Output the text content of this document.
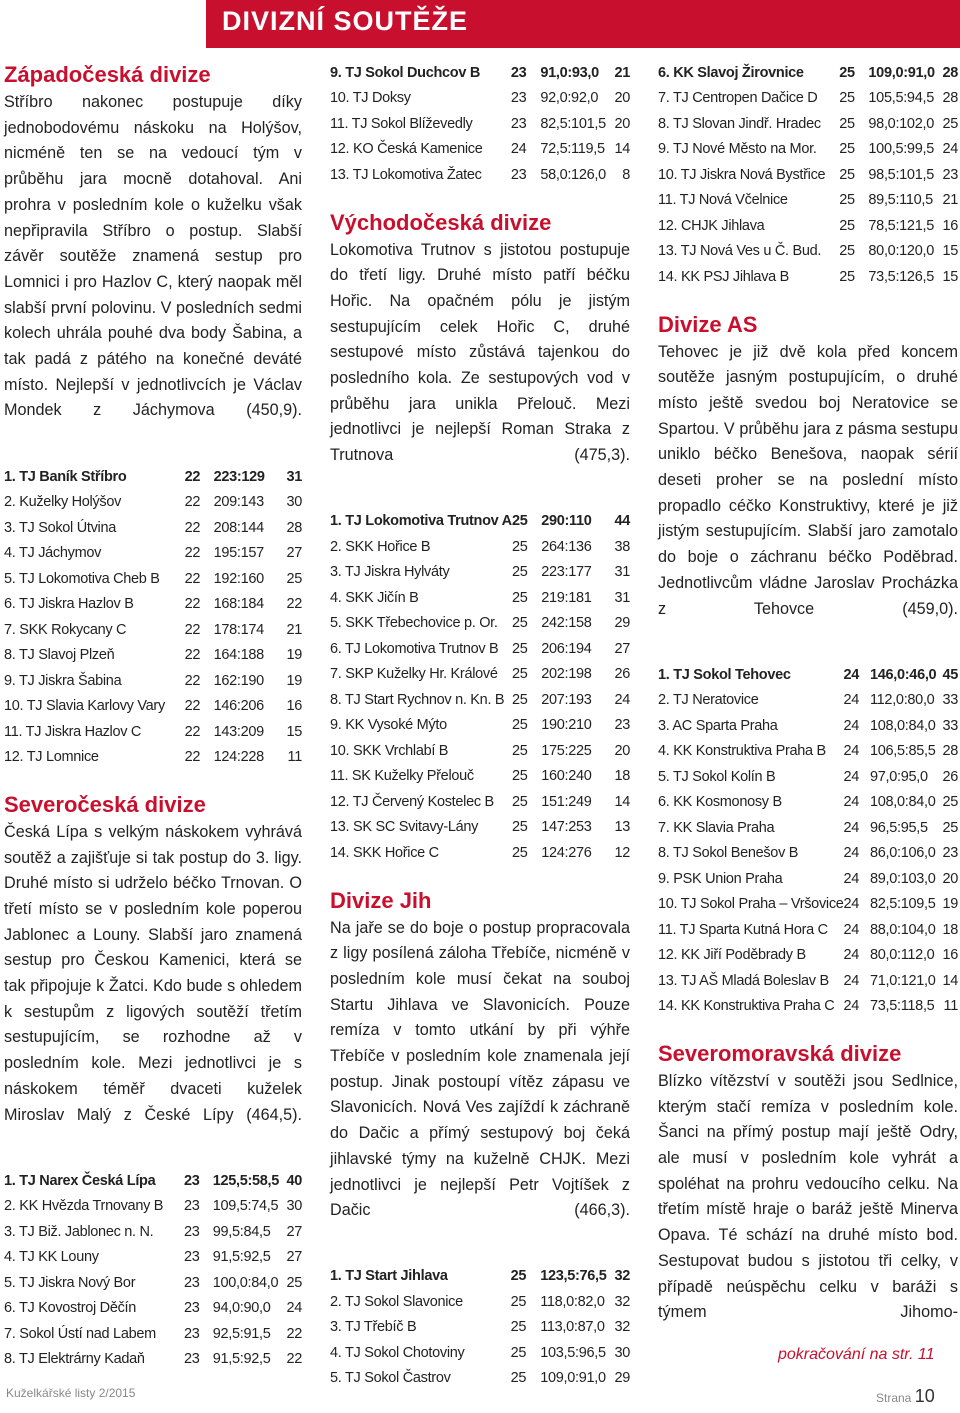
DIVIZNÍ SOUTĚŽE
Západočeská divize

Stříbro nakonec postupuje díky jednobodovému náskoku na Holýšov, nicméně ten se na vedoucí tým v průběhu jara mocně dotahoval. Ani prohra v posledním kole o kuželku však nepřipravila Stříbro o postup. Slabší závěr soutěže znamená sestup pro Lomnici i pro Hazlov C, který naopak měl slabší první polovinu. V posledních sedmi kolech uhrála pouhé dva body Šabina, a tak padá z pátého na konečné deváté místo. Nejlepší v jednotlivcích je Václav Mondek z Jáchymova (450,9).

1. TJ Baník Stříbro	22	223:129	31
2. Kuželky Holýšov	22	209:143	30
3. TJ Sokol Útvina	22	208:144	28
4. TJ Jáchymov	22	195:157	27
5. TJ Lokomotiva Cheb B	22	192:160	25
6. TJ Jiskra Hazlov B	22	168:184	22
7. SKK Rokycany C	22	178:174	21
8. TJ Slavoj Plzeň	22	164:188	19
9. TJ Jiskra Šabina	22	162:190	19
10. TJ Slavia Karlovy Vary	22	146:206	16
11. TJ Jiskra Hazlov C	22	143:209	15
12. TJ Lomnice	22	124:228	11
Severočeská divize

Česká Lípa s velkým náskokem vyhrává soutěž a zajišťuje si tak postup do 3. ligy. Druhé místo si udrželo béčko Trnovan. O třetí místo se v posledním kole poperou Jablonec a Louny. Slabší jaro znamená sestup pro Českou Kamenici, která se tak připojuje k Žatci. Kdo bude s ohledem k sestupům z ligových soutěží třetím sestupujícím, se rozhodne až v posledním kole. Mezi jednotlivci je s náskokem téměř dvaceti kuželek Miroslav Malý z České Lípy (464,5).

1. TJ Narex Česká Lípa	23	125,5:58,5	40
2. KK Hvězda Trnovany B	23	109,5:74,5	30
3. TJ Biž. Jablonec n. N.	23	99,5:84,5	27
4. TJ KK Louny	23	91,5:92,5	27
5. TJ Jiskra Nový Bor	23	100,0:84,0	25
6. TJ Kovostroj Děčín	23	94,0:90,0	24
7. Sokol Ústí nad Labem	23	92,5:91,5	22
8. TJ Elektrárny Kadaň	23	91,5:92,5	22
9. TJ Sokol Duchcov B	23	91,0:93,0	21
10. TJ Doksy	23	92,0:92,0	20
11. TJ Sokol Blíževedly	23	82,5:101,5	20
12. KO Česká Kamenice	24	72,5:119,5	14
13. TJ Lokomotiva Žatec	23	58,0:126,0	8
Východočeská divize

Lokomotiva Trutnov s jistotou postupuje do třetí ligy. Druhé místo patří béčku Hořic. Na opačném pólu je jistým sestupujícím celek Hořic C, druhé sestupové místo zůstává tajenkou do posledního kola. Ze sestupových vod v průběhu jara unikla Přelouč. Mezi jednotlivci je nejlepší Roman Straka z Trutnova (475,3).

1. TJ Lokomotiva Trutnov A	25	290:110	44
2. SKK Hořice B	25	264:136	38
3. TJ Jiskra Hylváty	25	223:177	31
4. SKK Jičín B	25	219:181	31
5. SKK Třebechovice p. Or.	25	242:158	29
6. TJ Lokomotiva Trutnov B	25	206:194	27
7. SKP Kuželky Hr. Králové	25	202:198	26
8. TJ Start Rychnov n. Kn. B	25	207:193	24
9. KK Vysoké Mýto	25	190:210	23
10. SKK Vrchlabí B	25	175:225	20
11. SK Kuželky Přelouč	25	160:240	18
12. TJ Červený Kostelec B	25	151:249	14
13. SK SC Svitavy-Lány	25	147:253	13
14. SKK Hořice C	25	124:276	12
Divize Jih

Na jaře se do boje o postup propracovala z ligy posílená záloha Třebíče, nicméně v posledním kole musí čekat na souboj Startu Jihlava ve Slavonicích. Pouze remíza v tomto utkání by při výhře Třebíče v posledním kole znamenala její postup. Jinak postoupí vítěz zápasu ve Slavonicích. Nová Ves zajíždí k záchraně do Dačic a přímý sestupový boj čeká jihlavské týmy na kuželně CHJK. Mezi jednotlivci je nejlepší Petr Vojtíšek z Dačic (466,3).

1. TJ Start Jihlava	25	123,5:76,5	32
2. TJ Sokol Slavonice	25	118,0:82,0	32
3. TJ Třebíč B	25	113,0:87,0	32
4. TJ Sokol Chotoviny	25	103,5:96,5	30
5. TJ Sokol Častrov	25	109,0:91,0	29
6. KK Slavoj Žirovnice	25	109,0:91,0	28
7. TJ Centropen Dačice D	25	105,5:94,5	28
8. TJ Slovan Jindř. Hradec	25	98,0:102,0	25
9. TJ Nové Město na Mor.	25	100,5:99,5	24
10. TJ Jiskra Nová Bystřice	25	98,5:101,5	23
11. TJ Nová Včelnice	25	89,5:110,5	21
12. CHJK Jihlava	25	78,5:121,5	16
13. TJ Nová Ves u Č. Bud.	25	80,0:120,0	15
14. KK PSJ Jihlava B	25	73,5:126,5	15
Divize AS

Tehovec je již dvě kola před koncem soutěže jasným postupujícím, o druhé místo ještě svedou boj Neratovice se Spartou. V průběhu jara z pásma sestupu uniklo béčko Benešova, naopak sérií deseti proher se na poslední místo propadlo céčko Konstruktivy, které je již jistým sestupujícím. Slabší jaro zamotalo do boje o záchranu béčko Poděbrad. Jednotlivcům vládne Jaroslav Procházka z Tehovce (459,0).

1. TJ Sokol Tehovec	24	146,0:46,0	45
2. TJ Neratovice	24	112,0:80,0	33
3. AC Sparta Praha	24	108,0:84,0	33
4. KK Konstruktiva Praha B	24	106,5:85,5	28
5. TJ Sokol Kolín B	24	97,0:95,0	26
6. KK Kosmonosy B	24	108,0:84,0	25
7. KK Slavia Praha	24	96,5:95,5	25
8. TJ Sokol Benešov B	24	86,0:106,0	23
9. PSK Union Praha	24	89,0:103,0	20
10. TJ Sokol Praha – Vršovice	24	82,5:109,5	19
11. TJ Sparta Kutná Hora C	24	88,0:104,0	18
12. KK Jiří Poděbrady B	24	80,0:112,0	16
13. TJ AŠ Mladá Boleslav B	24	71,0:121,0	14
14. KK Konstruktiva Praha C	24	73,5:118,5	11
Severomoravská divize

Blízko vítězství v soutěži jsou Sedlnice, kterým stačí remíza v posledním kole. Šanci na přímý postup mají ještě Odry, ale musí v posledním kole vyhrát a spoléhat na prohru vedoucího celku. Na třetím místě hraje o baráž ještě Minerva Opava. Té schází na druhé místo bod. Sestupovat budou s jistotou tři celky, v případě neúspěchu celku v baráži s týmem Jihomo-

pokračování na str. 11
Kuželkářské listy 2/2015	Strana 10
